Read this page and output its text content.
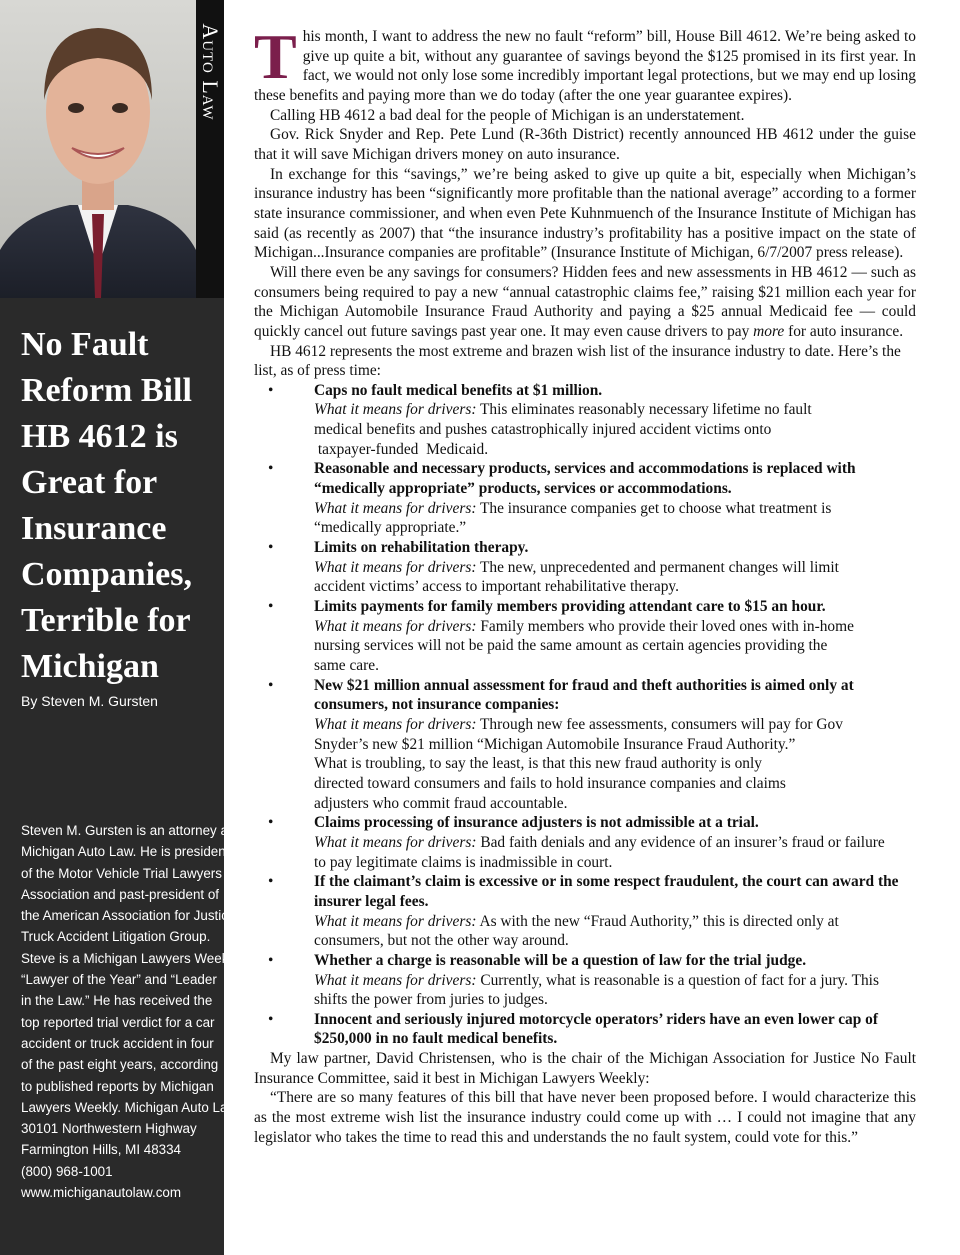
Auto Law
No Fault
Reform Bill
HB 4612 is
Great for
Insurance
Companies,
Terrible for
Michigan
By Steven M. Gursten
Steven M. Gursten is an attorney at
Michigan Auto Law. He is president
of the Motor Vehicle Trial Lawyers
Association and past-president of
the American Association for Justice
Truck Accident Litigation Group.
Steve is a Michigan Lawyers Weekly
“Lawyer of the Year” and “Leader
in the Law.” He has received the
top reported trial verdict for a car
accident or truck accident in four
of the past eight years, according
to published reports by Michigan
Lawyers Weekly. Michigan Auto Law
30101 Northwestern Highway
Farmington Hills, MI 48334
(800) 968-1001
www.michiganautolaw.com

This month, I want to address the new no fault “reform” bill, House Bill 4612. We’re being asked to give up quite a bit, without any guarantee of savings beyond the $125 promised in its first year. In fact, we would not only lose some incredibly important legal protections, but we may end up losing these benefits and paying more than we do today (after the one year guarantee expires).

Calling HB 4612 a bad deal for the people of Michigan is an understatement.

Gov. Rick Snyder and Rep. Pete Lund (R-36th District) recently announced HB 4612 under the guise that it will save Michigan drivers money on auto insurance.

In exchange for this “savings,” we’re being asked to give up quite a bit, especially when Michigan’s insurance industry has been “significantly more profitable than the national average” according to a former state insurance commissioner, and when even Pete Kuhnmuench of the Insurance Institute of Michigan has said (as recently as 2007) that “the insurance industry’s profitability has a positive impact on the state of Michigan...Insurance companies are profitable” (Insurance Institute of Michigan, 6/7/2007 press release).

Will there even be any savings for consumers? Hidden fees and new assessments in HB 4612 — such as consumers being required to pay a new “annual catastrophic claims fee,” raising $21 million each year for the Michigan Automobile Insurance Fraud Authority and paying a $25 annual Medicaid fee — could quickly cancel out future savings past year one. It may even cause drivers to pay more for auto insurance.

HB 4612 represents the most extreme and brazen wish list of the insurance industry to date. Here’s the list, as of press time:

• Caps no fault medical benefits at $1 million.
What it means for drivers: This eliminates reasonably necessary lifetime no fault
medical benefits and pushes catastrophically injured accident victims onto
taxpayer-funded  Medicaid.
• Reasonable and necessary products, services and accommodations is replaced with “medically appropriate” products, services or accommodations.
What it means for drivers: The insurance companies get to choose what treatment is
“medically appropriate.”
• Limits on rehabilitation therapy.
What it means for drivers: The new, unprecedented and permanent changes will limit
accident victims’ access to important rehabilitative therapy.
• Limits payments for family members providing attendant care to $15 an hour.
What it means for drivers: Family members who provide their loved ones with in-home
nursing services will not be paid the same amount as certain agencies providing the
same care.
• New $21 million annual assessment for fraud and theft authorities is aimed only at consumers, not insurance companies:
What it means for drivers: Through new fee assessments, consumers will pay for Gov
Snyder’s new $21 million “Michigan Automobile Insurance Fraud Authority.”
What is troubling, to say the least, is that this new fraud authority is only
directed toward consumers and fails to hold insurance companies and claims
adjusters who commit fraud accountable.
• Claims processing of insurance adjusters is not admissible at a trial.
What it means for drivers: Bad faith denials and any evidence of an insurer’s fraud or failure
to pay legitimate claims is inadmissible in court.
• If the claimant’s claim is excessive or in some respect fraudulent, the court can award the insurer legal fees.
What it means for drivers: As with the new “Fraud Authority,” this is directed only at
consumers, but not the other way around.
• Whether a charge is reasonable will be a question of law for the trial judge.
What it means for drivers: Currently, what is reasonable is a question of fact for a jury. This
shifts the power from juries to judges.
• Innocent and seriously injured motorcycle operators’ riders have an even lower cap of $250,000 in no fault medical benefits.

My law partner, David Christensen, who is the chair of the Michigan Association for Justice No Fault Insurance Committee, said it best in Michigan Lawyers Weekly:

“There are so many features of this bill that have never been proposed before. I would characterize this as the most extreme wish list the insurance industry could come up with … I could not imagine that any legislator who takes the time to read this and understands the no fault system, could vote for this.”
